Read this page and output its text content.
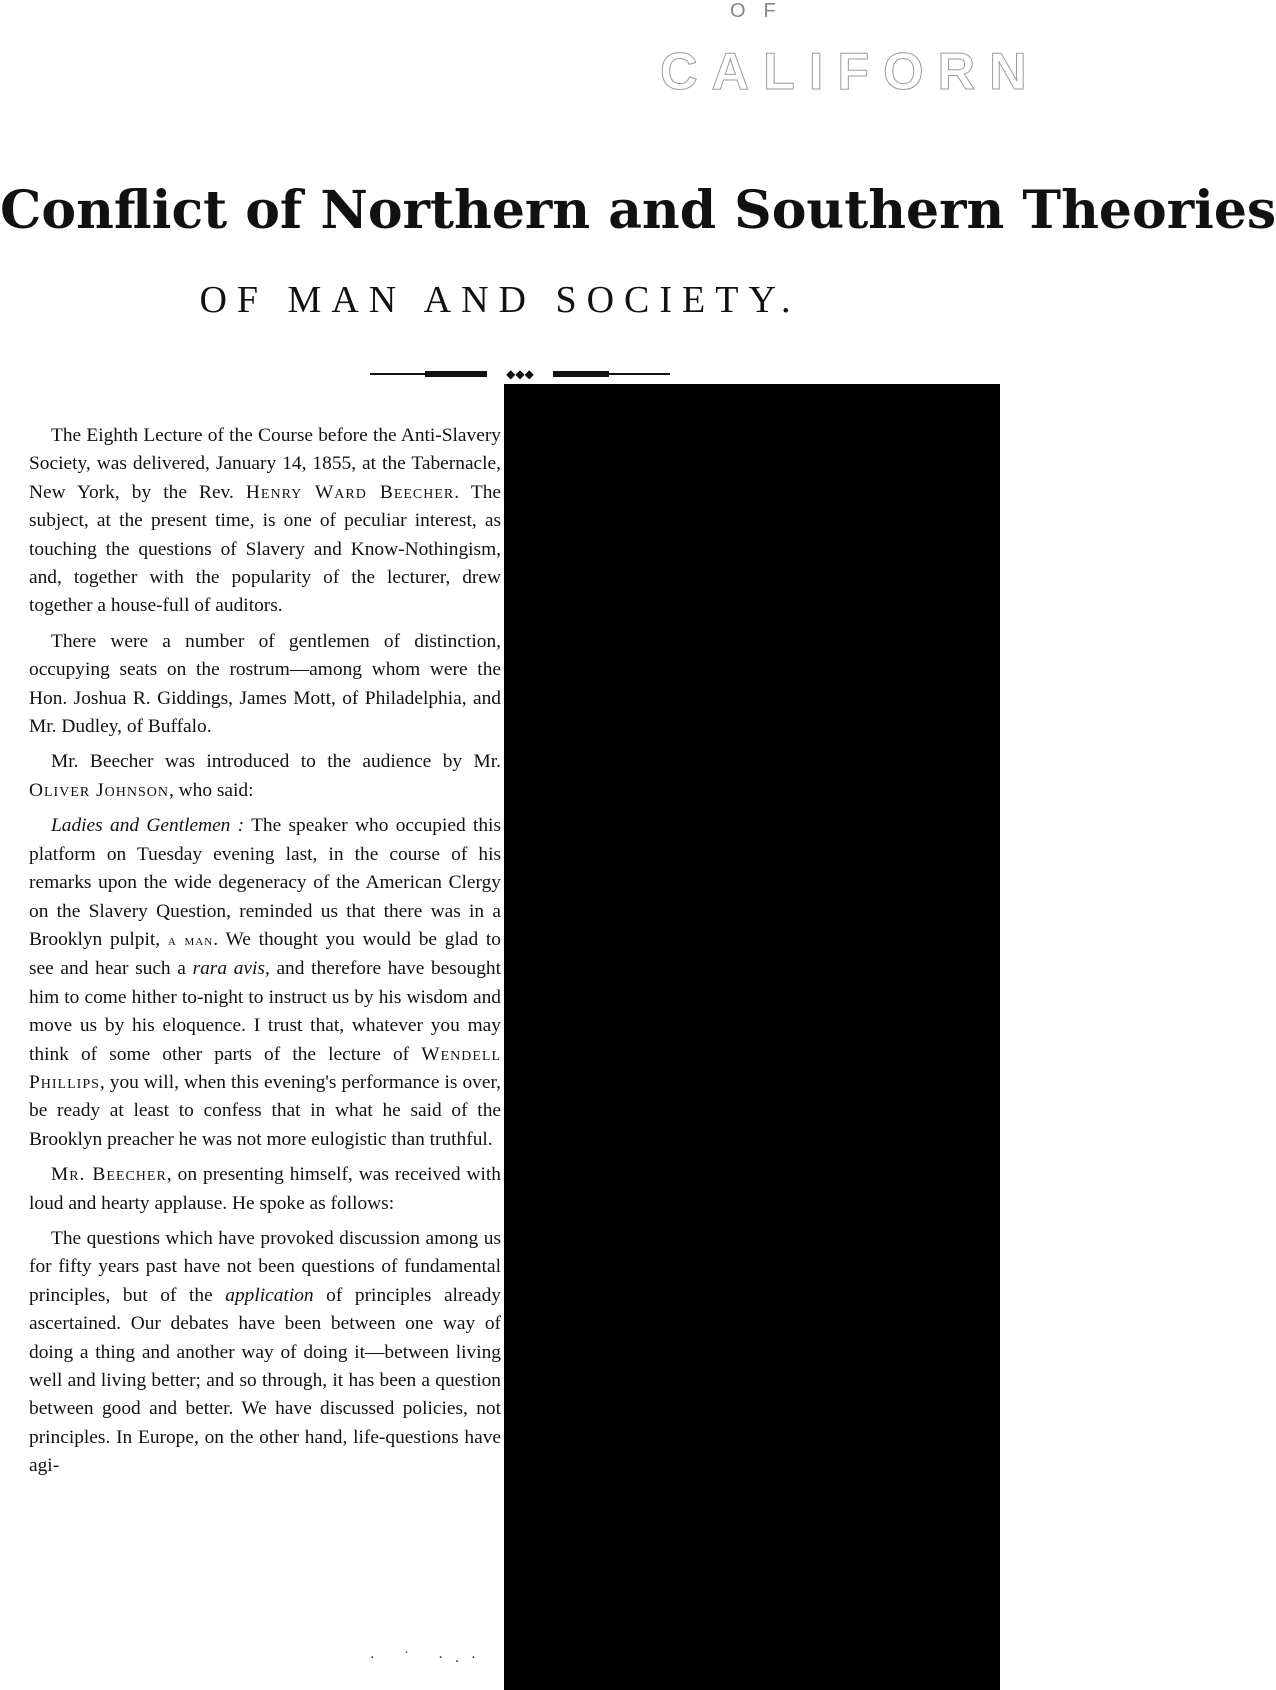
OF
CALIFORN
Conflict of Northern and Southern Theories
OF MAN AND SOCIETY.
◆◆◆

The Eighth Lecture of the Course before the Anti-Slavery Society, was delivered, January 14, 1855, at the Tabernacle, New York, by the Rev. Henry Ward Beecher. The subject, at the present time, is one of peculiar interest, as touching the questions of Slavery and Know-Nothingism, and, together with the popularity of the lecturer, drew together a house-full of auditors.

There were a number of gentlemen of distinction, occupying seats on the rostrum—among whom were the Hon. Joshua R. Giddings, James Mott, of Philadelphia, and Mr. Dudley, of Buffalo.

Mr. Beecher was introduced to the audience by Mr. Oliver Johnson, who said:

Ladies and Gentlemen : The speaker who occupied this platform on Tuesday evening last, in the course of his remarks upon the wide degeneracy of the American Clergy on the Slavery Question, reminded us that there was in a Brooklyn pulpit, a man. We thought you would be glad to see and hear such a rara avis, and therefore have besought him to come hither to-night to instruct us by his wisdom and move us by his eloquence. I trust that, whatever you may think of some other parts of the lecture of Wendell Phillips, you will, when this evening's performance is over, be ready at least to confess that in what he said of the Brooklyn preacher he was not more eulogistic than truthful.

Mr. Beecher, on presenting himself, was received with loud and hearty applause. He spoke as follows:

The questions which have provoked discussion among us for fifty years past have not been questions of fundamental principles, but of the application of principles already ascertained. Our debates have been between one way of doing a thing and another way of doing it—between living well and living better; and so through, it has been a question between good and better. We have discussed policies, not principles. In Europe, on the other hand, life-questions have agi-

· ˙ ·.·
